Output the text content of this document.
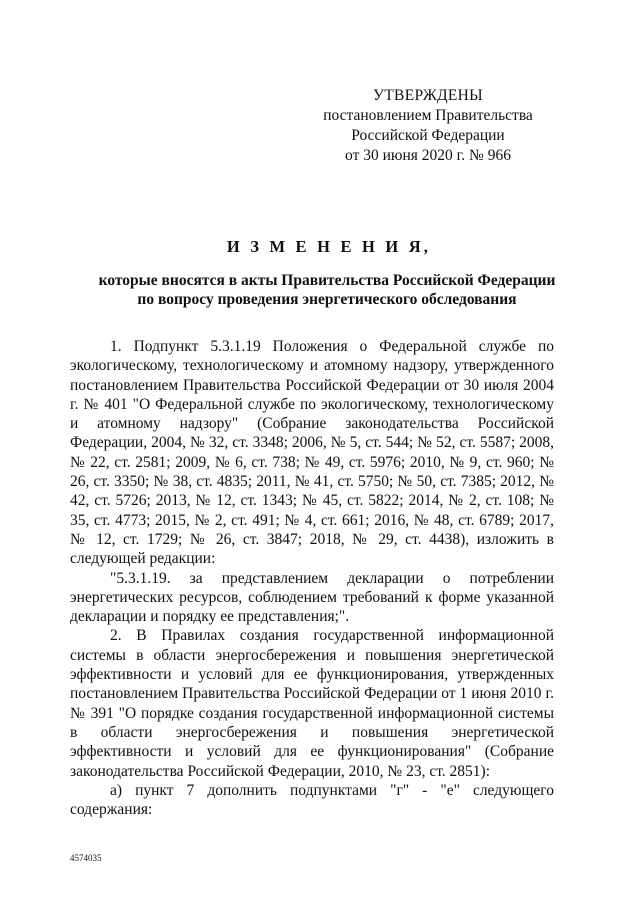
УТВЕРЖДЕНЫ
постановлением Правительства
Российской Федерации
от 30 июня 2020 г. № 966
И З М Е Н Е Н И Я,
которые вносятся в акты Правительства Российской Федерации
по вопросу проведения энергетического обследования

1. Подпункт 5.3.1.19 Положения о Федеральной службе по экологическому, технологическому и атомному надзору, утвержденного постановлением Правительства Российской Федерации от 30 июля 2004 г. № 401 "О Федеральной службе по экологическому, технологическому и атомному надзору" (Собрание законодательства Российской Федерации, 2004, № 32, ст. 3348; 2006, № 5, ст. 544; № 52, ст. 5587; 2008, № 22, ст. 2581; 2009, № 6, ст. 738; № 49, ст. 5976; 2010, № 9, ст. 960; № 26, ст. 3350; № 38, ст. 4835; 2011, № 41, ст. 5750; № 50, ст. 7385; 2012, № 42, ст. 5726; 2013, № 12, ст. 1343; № 45, ст. 5822; 2014, № 2, ст. 108; № 35, ст. 4773; 2015, № 2, ст. 491; № 4, ст. 661; 2016, № 48, ст. 6789; 2017, № 12, ст. 1729; № 26, ст. 3847; 2018, № 29, ст. 4438), изложить в следующей редакции:

"5.3.1.19. за представлением декларации о потреблении энергетических ресурсов, соблюдением требований к форме указанной декларации и порядку ее представления;".

2. В Правилах создания государственной информационной системы в области энергосбережения и повышения энергетической эффективности и условий для ее функционирования, утвержденных постановлением Правительства Российской Федерации от 1 июня 2010 г. № 391 "О порядке создания государственной информационной системы в области энергосбережения и повышения энергетической эффективности и условий для ее функционирования" (Собрание законодательства Российской Федерации, 2010, № 23, ст. 2851):

а) пункт 7 дополнить подпунктами "г" - "е" следующего содержания:

4574035
